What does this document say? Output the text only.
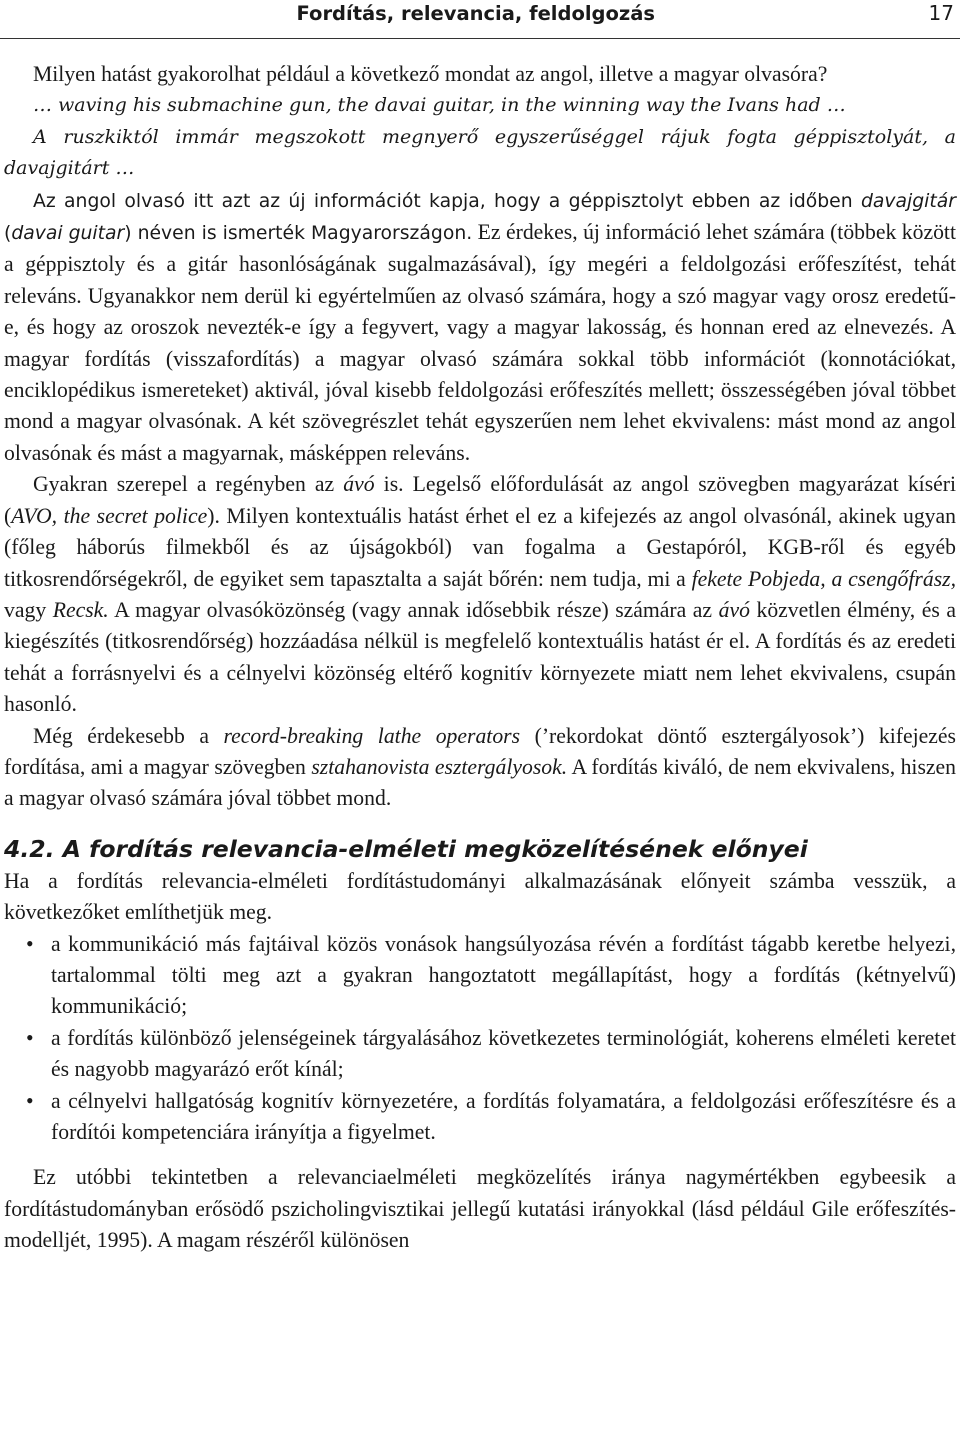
Fordítás, relevancia, feldolgozás	17

Milyen hatást gyakorolhat például a következő mondat az angol, illetve a magyar olvasóra?

… waving his submachine gun, the davai guitar, in the winning way the Ivans had …

A ruszkiktól immár megszokott megnyerő egyszerűséggel rájuk fogta géppisztolyát, a davajgitárt …

Az angol olvasó itt azt az új információt kapja, hogy a géppisztolyt ebben az időben davajgitár (davai guitar) néven is ismerték Magyarországon. Ez érdekes, új információ lehet számára (többek között a géppisztoly és a gitár hasonlóságának sugalmazásával), így megéri a feldolgozási erőfeszítést, tehát releváns. Ugyanakkor nem derül ki egyértelműen az olvasó számára, hogy a szó magyar vagy orosz eredetű-e, és hogy az oroszok nevezték-e így a fegyvert, vagy a magyar lakosság, és honnan ered az elnevezés. A magyar fordítás (visszafordítás) a magyar olvasó számára sokkal több információt (konnotációkat, enciklopédikus ismereteket) aktivál, jóval kisebb feldolgozási erőfeszítés mellett; összességében jóval többet mond a magyar olvasónak. A két szövegrészlet tehát egyszerűen nem lehet ekvivalens: mást mond az angol olvasónak és mást a magyarnak, másképpen releváns.

Gyakran szerepel a regényben az ávó is. Legelső előfordulását az angol szövegben magyarázat kíséri (AVO, the secret police). Milyen kontextuális hatást érhet el ez a kifejezés az angol olvasónál, akinek ugyan (főleg háborús filmekből és az újságokból) van fogalma a Gestapóról, KGB-ről és egyéb titkosrendőrségekről, de egyiket sem tapasztalta a saját bőrén: nem tudja, mi a fekete Pobjeda, a csengőfrász, vagy Recsk. A magyar olvasóközönség (vagy annak idősebbik része) számára az ávó közvetlen élmény, és a kiegészítés (titkosrendőrség) hozzáadása nélkül is megfelelő kontextuális hatást ér el. A fordítás és az eredeti tehát a forrásnyelvi és a célnyelvi közönség eltérő kognitív környezete miatt nem lehet ekvivalens, csupán hasonló.

Még érdekesebb a record-breaking lathe operators (’rekordokat döntő esztergályosok’) kifejezés fordítása, ami a magyar szövegben sztahanovista esztergályosok. A fordítás kiváló, de nem ekvivalens, hiszen a magyar olvasó számára jóval többet mond.

4.2. A fordítás relevancia-elméleti megközelítésének előnyei

Ha a fordítás relevancia-elméleti fordítástudományi alkalmazásának előnyeit számba vesszük, a következőket említhetjük meg.

• a kommunikáció más fajtáival közös vonások hangsúlyozása révén a fordítást tágabb keretbe helyezi, tartalommal tölti meg azt a gyakran hangoztatott megállapítást, hogy a fordítás (kétnyelvű) kommunikáció;
• a fordítás különböző jelenségeinek tárgyalásához következetes terminológiát, koherens elméleti keretet és nagyobb magyarázó erőt kínál;
• a célnyelvi hallgatóság kognitív környezetére, a fordítás folyamatára, a feldolgozási erőfeszítésre és a fordítói kompetenciára irányítja a figyelmet.

Ez utóbbi tekintetben a relevanciaelméleti megközelítés iránya nagymértékben egybeesik a fordítástudományban erősödő pszicholingvisztikai jellegű kutatási irányokkal (lásd például Gile erőfeszítés-modelljét, 1995). A magam részéről különösen
